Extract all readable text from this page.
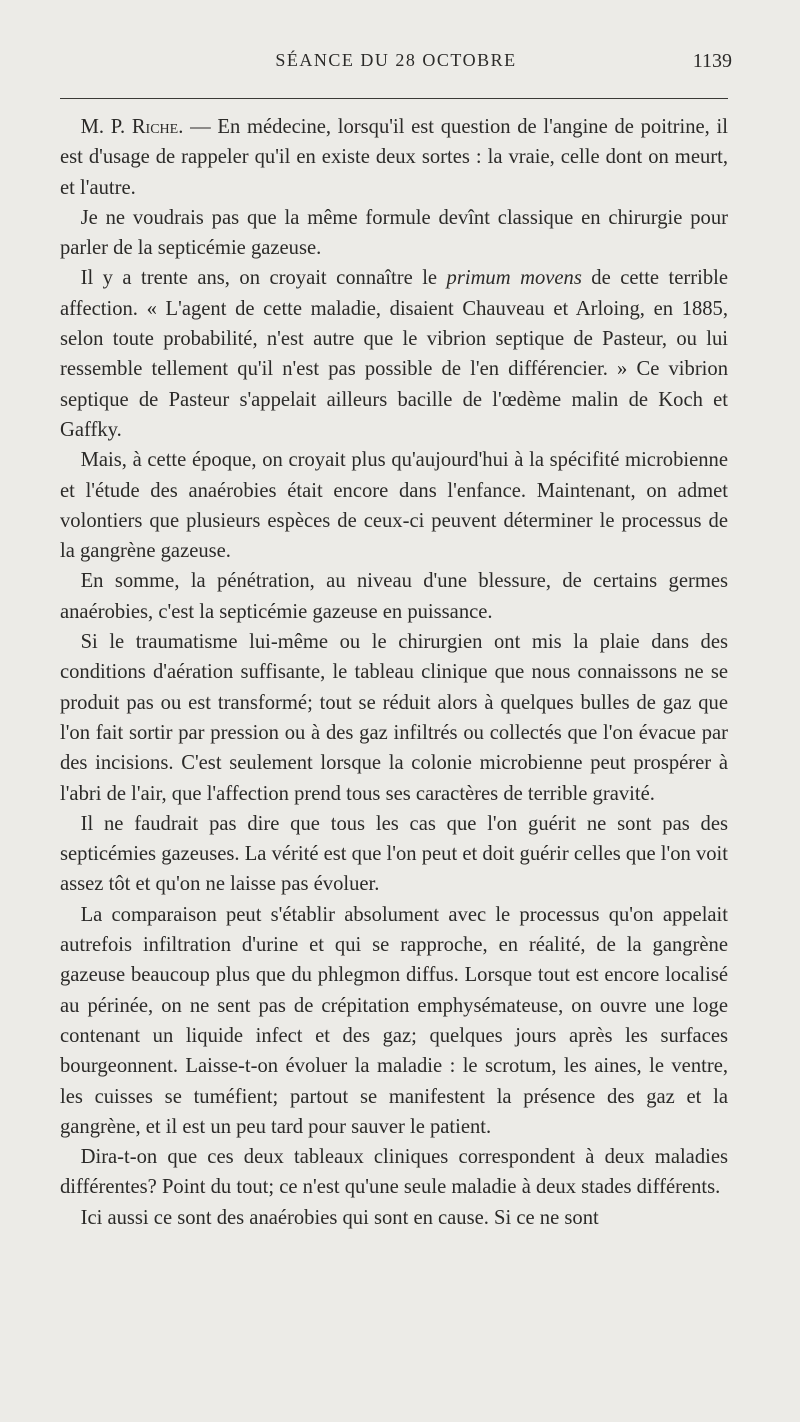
SÉANCE DU 28 OCTOBRE	1139

 M. P. Riche. — En médecine, lorsqu'il est question de l'angine de poitrine, il est d'usage de rappeler qu'il en existe deux sortes : la vraie, celle dont on meurt, et l'autre.

 Je ne voudrais pas que la même formule devînt classique en chirurgie pour parler de la septicémie gazeuse.

 Il y a trente ans, on croyait connaître le primum movens de cette terrible affection. « L'agent de cette maladie, disaient Chauveau et Arloing, en 1885, selon toute probabilité, n'est autre que le vibrion septique de Pasteur, ou lui ressemble tellement qu'il n'est pas possible de l'en différencier. » Ce vibrion septique de Pasteur s'appelait ailleurs bacille de l'œdème malin de Koch et Gaffky.

 Mais, à cette époque, on croyait plus qu'aujourd'hui à la spécifité microbienne et l'étude des anaérobies était encore dans l'enfance. Maintenant, on admet volontiers que plusieurs espèces de ceux-ci peuvent déterminer le processus de la gangrène gazeuse.

 En somme, la pénétration, au niveau d'une blessure, de certains germes anaérobies, c'est la septicémie gazeuse en puissance.

 Si le traumatisme lui-même ou le chirurgien ont mis la plaie dans des conditions d'aération suffisante, le tableau clinique que nous connaissons ne se produit pas ou est transformé; tout se réduit alors à quelques bulles de gaz que l'on fait sortir par pression ou à des gaz infiltrés ou collectés que l'on évacue par des incisions. C'est seulement lorsque la colonie microbienne peut prospérer à l'abri de l'air, que l'affection prend tous ses caractères de terrible gravité.

 Il ne faudrait pas dire que tous les cas que l'on guérit ne sont pas des septicémies gazeuses. La vérité est que l'on peut et doit guérir celles que l'on voit assez tôt et qu'on ne laisse pas évoluer.

 La comparaison peut s'établir absolument avec le processus qu'on appelait autrefois infiltration d'urine et qui se rapproche, en réalité, de la gangrène gazeuse beaucoup plus que du phlegmon diffus. Lorsque tout est encore localisé au périnée, on ne sent pas de crépitation emphysémateuse, on ouvre une loge contenant un liquide infect et des gaz; quelques jours après les surfaces bourgeonnent. Laisse-t-on évoluer la maladie : le scrotum, les aines, le ventre, les cuisses se tuméfient; partout se manifestent la présence des gaz et la gangrène, et il est un peu tard pour sauver le patient.

 Dira-t-on que ces deux tableaux cliniques correspondent à deux maladies différentes? Point du tout; ce n'est qu'une seule maladie à deux stades différents.

 Ici aussi ce sont des anaérobies qui sont en cause. Si ce ne sont
